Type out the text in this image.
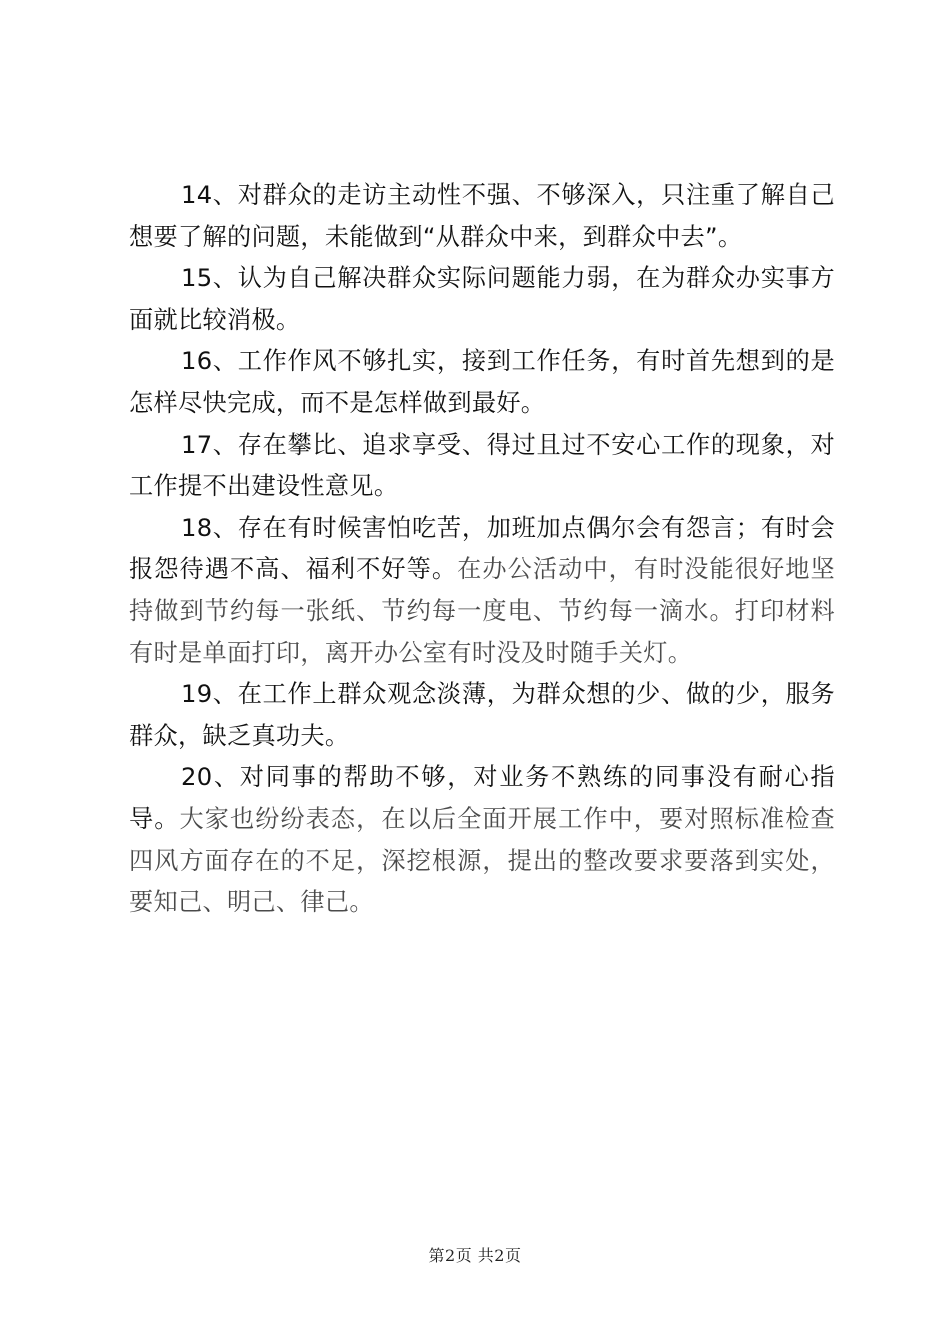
14、对群众的走访主动性不强、不够深入，只注重了解自己想要了解的问题，未能做到“从群众中来，到群众中去”。

15、认为自己解决群众实际问题能力弱，在为群众办实事方面就比较消极。

16、工作作风不够扎实，接到工作任务，有时首先想到的是怎样尽快完成，而不是怎样做到最好。

17、存在攀比、追求享受、得过且过不安心工作的现象，对工作提不出建设性意见。

18、存在有时候害怕吃苦，加班加点偶尔会有怨言；有时会报怨待遇不高、福利不好等。在办公活动中，有时没能很好地坚持做到节约每一张纸、节约每一度电、节约每一滴水。打印材料有时是单面打印，离开办公室有时没及时随手关灯。

19、在工作上群众观念淡薄，为群众想的少、做的少，服务群众，缺乏真功夫。

20、对同事的帮助不够，对业务不熟练的同事没有耐心指导。大家也纷纷表态，在以后全面开展工作中，要对照标准检查四风方面存在的不足，深挖根源，提出的整改要求要落到实处，要知己、明己、律己。

第2页 共2页
